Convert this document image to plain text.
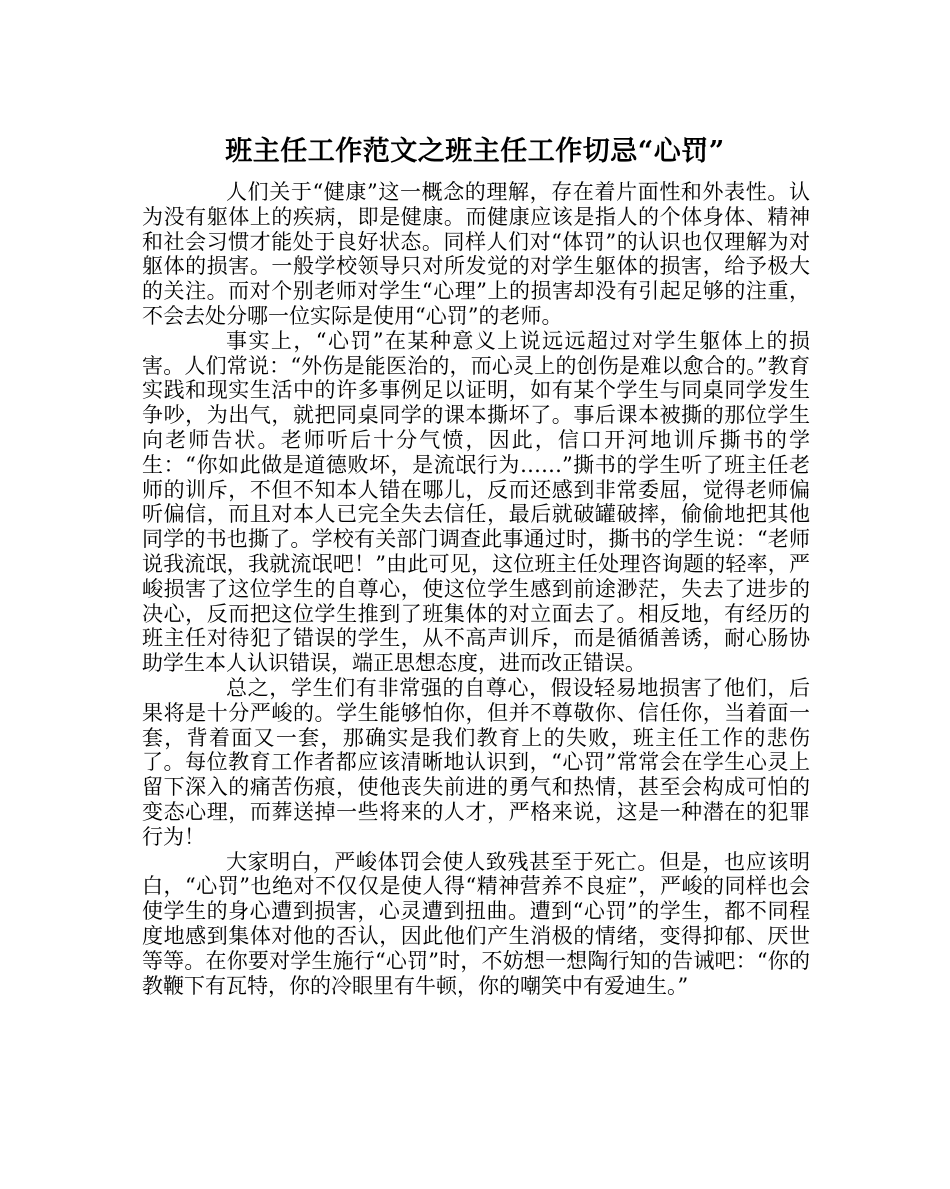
班主任工作范文之班主任工作切忌“心罚”

人们关于“健康”这一概念的理解，存在着片面性和外表性。认为没有躯体上的疾病，即是健康。而健康应该是指人的个体身体、精神和社会习惯才能处于良好状态。同样人们对“体罚”的认识也仅理解为对躯体的损害。一般学校领导只对所发觉的对学生躯体的损害，给予极大的关注。而对个别老师对学生“心理”上的损害却没有引起足够的注重，不会去处分哪一位实际是使用“心罚”的老师。

事实上，“心罚”在某种意义上说远远超过对学生躯体上的损害。人们常说：“外伤是能医治的，而心灵上的创伤是难以愈合的。”教育实践和现实生活中的许多事例足以证明，如有某个学生与同桌同学发生争吵，为出气，就把同桌同学的课本撕坏了。事后课本被撕的那位学生向老师告状。老师听后十分气愤，因此，信口开河地训斥撕书的学生：“你如此做是道德败坏，是流氓行为……”撕书的学生听了班主任老师的训斥，不但不知本人错在哪儿，反而还感到非常委屈，觉得老师偏听偏信，而且对本人已完全失去信任，最后就破罐破摔，偷偷地把其他同学的书也撕了。学校有关部门调查此事通过时，撕书的学生说：“老师说我流氓，我就流氓吧！”由此可见，这位班主任处理咨询题的轻率，严峻损害了这位学生的自尊心，使这位学生感到前途渺茫，失去了进步的决心，反而把这位学生推到了班集体的对立面去了。相反地，有经历的班主任对待犯了错误的学生，从不高声训斥，而是循循善诱，耐心肠协助学生本人认识错误，端正思想态度，进而改正错误。

总之，学生们有非常强的自尊心，假设轻易地损害了他们，后果将是十分严峻的。学生能够怕你，但并不尊敬你、信任你，当着面一套，背着面又一套，那确实是我们教育上的失败，班主任工作的悲伤了。每位教育工作者都应该清晰地认识到，“心罚”常常会在学生心灵上留下深入的痛苦伤痕，使他丧失前进的勇气和热情，甚至会构成可怕的变态心理，而葬送掉一些将来的人才，严格来说，这是一种潜在的犯罪行为！

大家明白，严峻体罚会使人致残甚至于死亡。但是，也应该明白，“心罚”也绝对不仅仅是使人得“精神营养不良症”，严峻的同样也会使学生的身心遭到损害，心灵遭到扭曲。遭到“心罚”的学生，都不同程度地感到集体对他的否认，因此他们产生消极的情绪，变得抑郁、厌世等等。在你要对学生施行“心罚”时，不妨想一想陶行知的告诫吧：“你的教鞭下有瓦特，你的冷眼里有牛顿，你的嘲笑中有爱迪生。”
